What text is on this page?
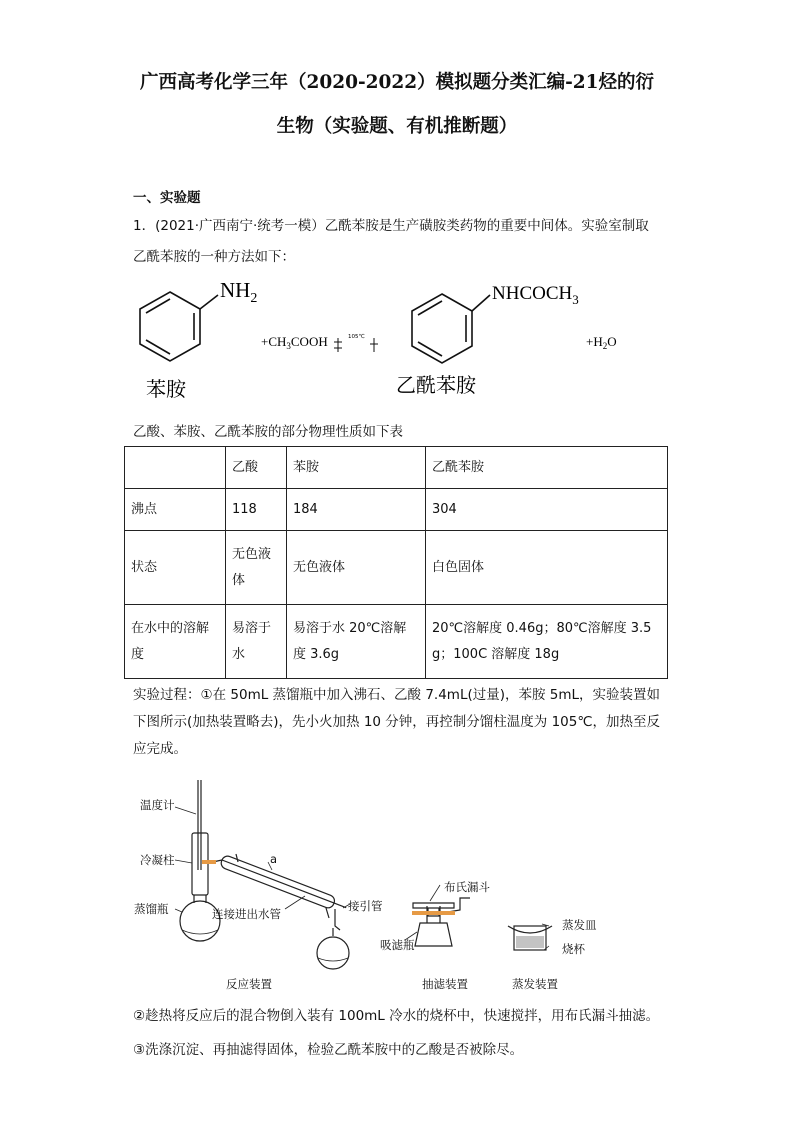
广西高考化学三年（2020-2022）模拟题分类汇编-21烃的衍
生物（实验题、有机推断题）
一、实验题
1．(2021·广西南宁·统考一模）乙酰苯胺是生产磺胺类药物的重要中间体。实验室制取
乙酰苯胺的一种方法如下：
$NH_2$
$+CH_3COOH$	105℃
$NHCOCH_3$
$+H_2O$
苯胺	乙酰苯胺
乙酸、苯胺、乙酰苯胺的部分物理性质如下表
	乙酸	苯胺	乙酰苯胺
沸点	118	184	304
状态	无色液体	无色液体	白色固体
在水中的溶解度	易溶于水	易溶于水 20℃溶解度 3.6g	20℃溶解度 0.46g；80℃溶解度 3.5g；100C 溶解度 18g
实验过程：①在 50mL 蒸馏瓶中加入沸石、乙酸 7.4mL(过量)，苯胺 5mL，实验装置如下图所示(加热装置略去)，先小火加热 10 分钟，再控制分馏柱温度为 105℃，加热至反应完成。
温度计
冷凝柱
蒸馏瓶
a
连接进出水管
接引管
布氏漏斗
吸滤瓶
蒸发皿
烧杯
反应装置	抽滤装置	蒸发装置
②趁热将反应后的混合物倒入装有 100mL 冷水的烧杯中，快速搅拌，用布氏漏斗抽滤。
③洗涤沉淀、再抽滤得固体，检验乙酰苯胺中的乙酸是否被除尽。
